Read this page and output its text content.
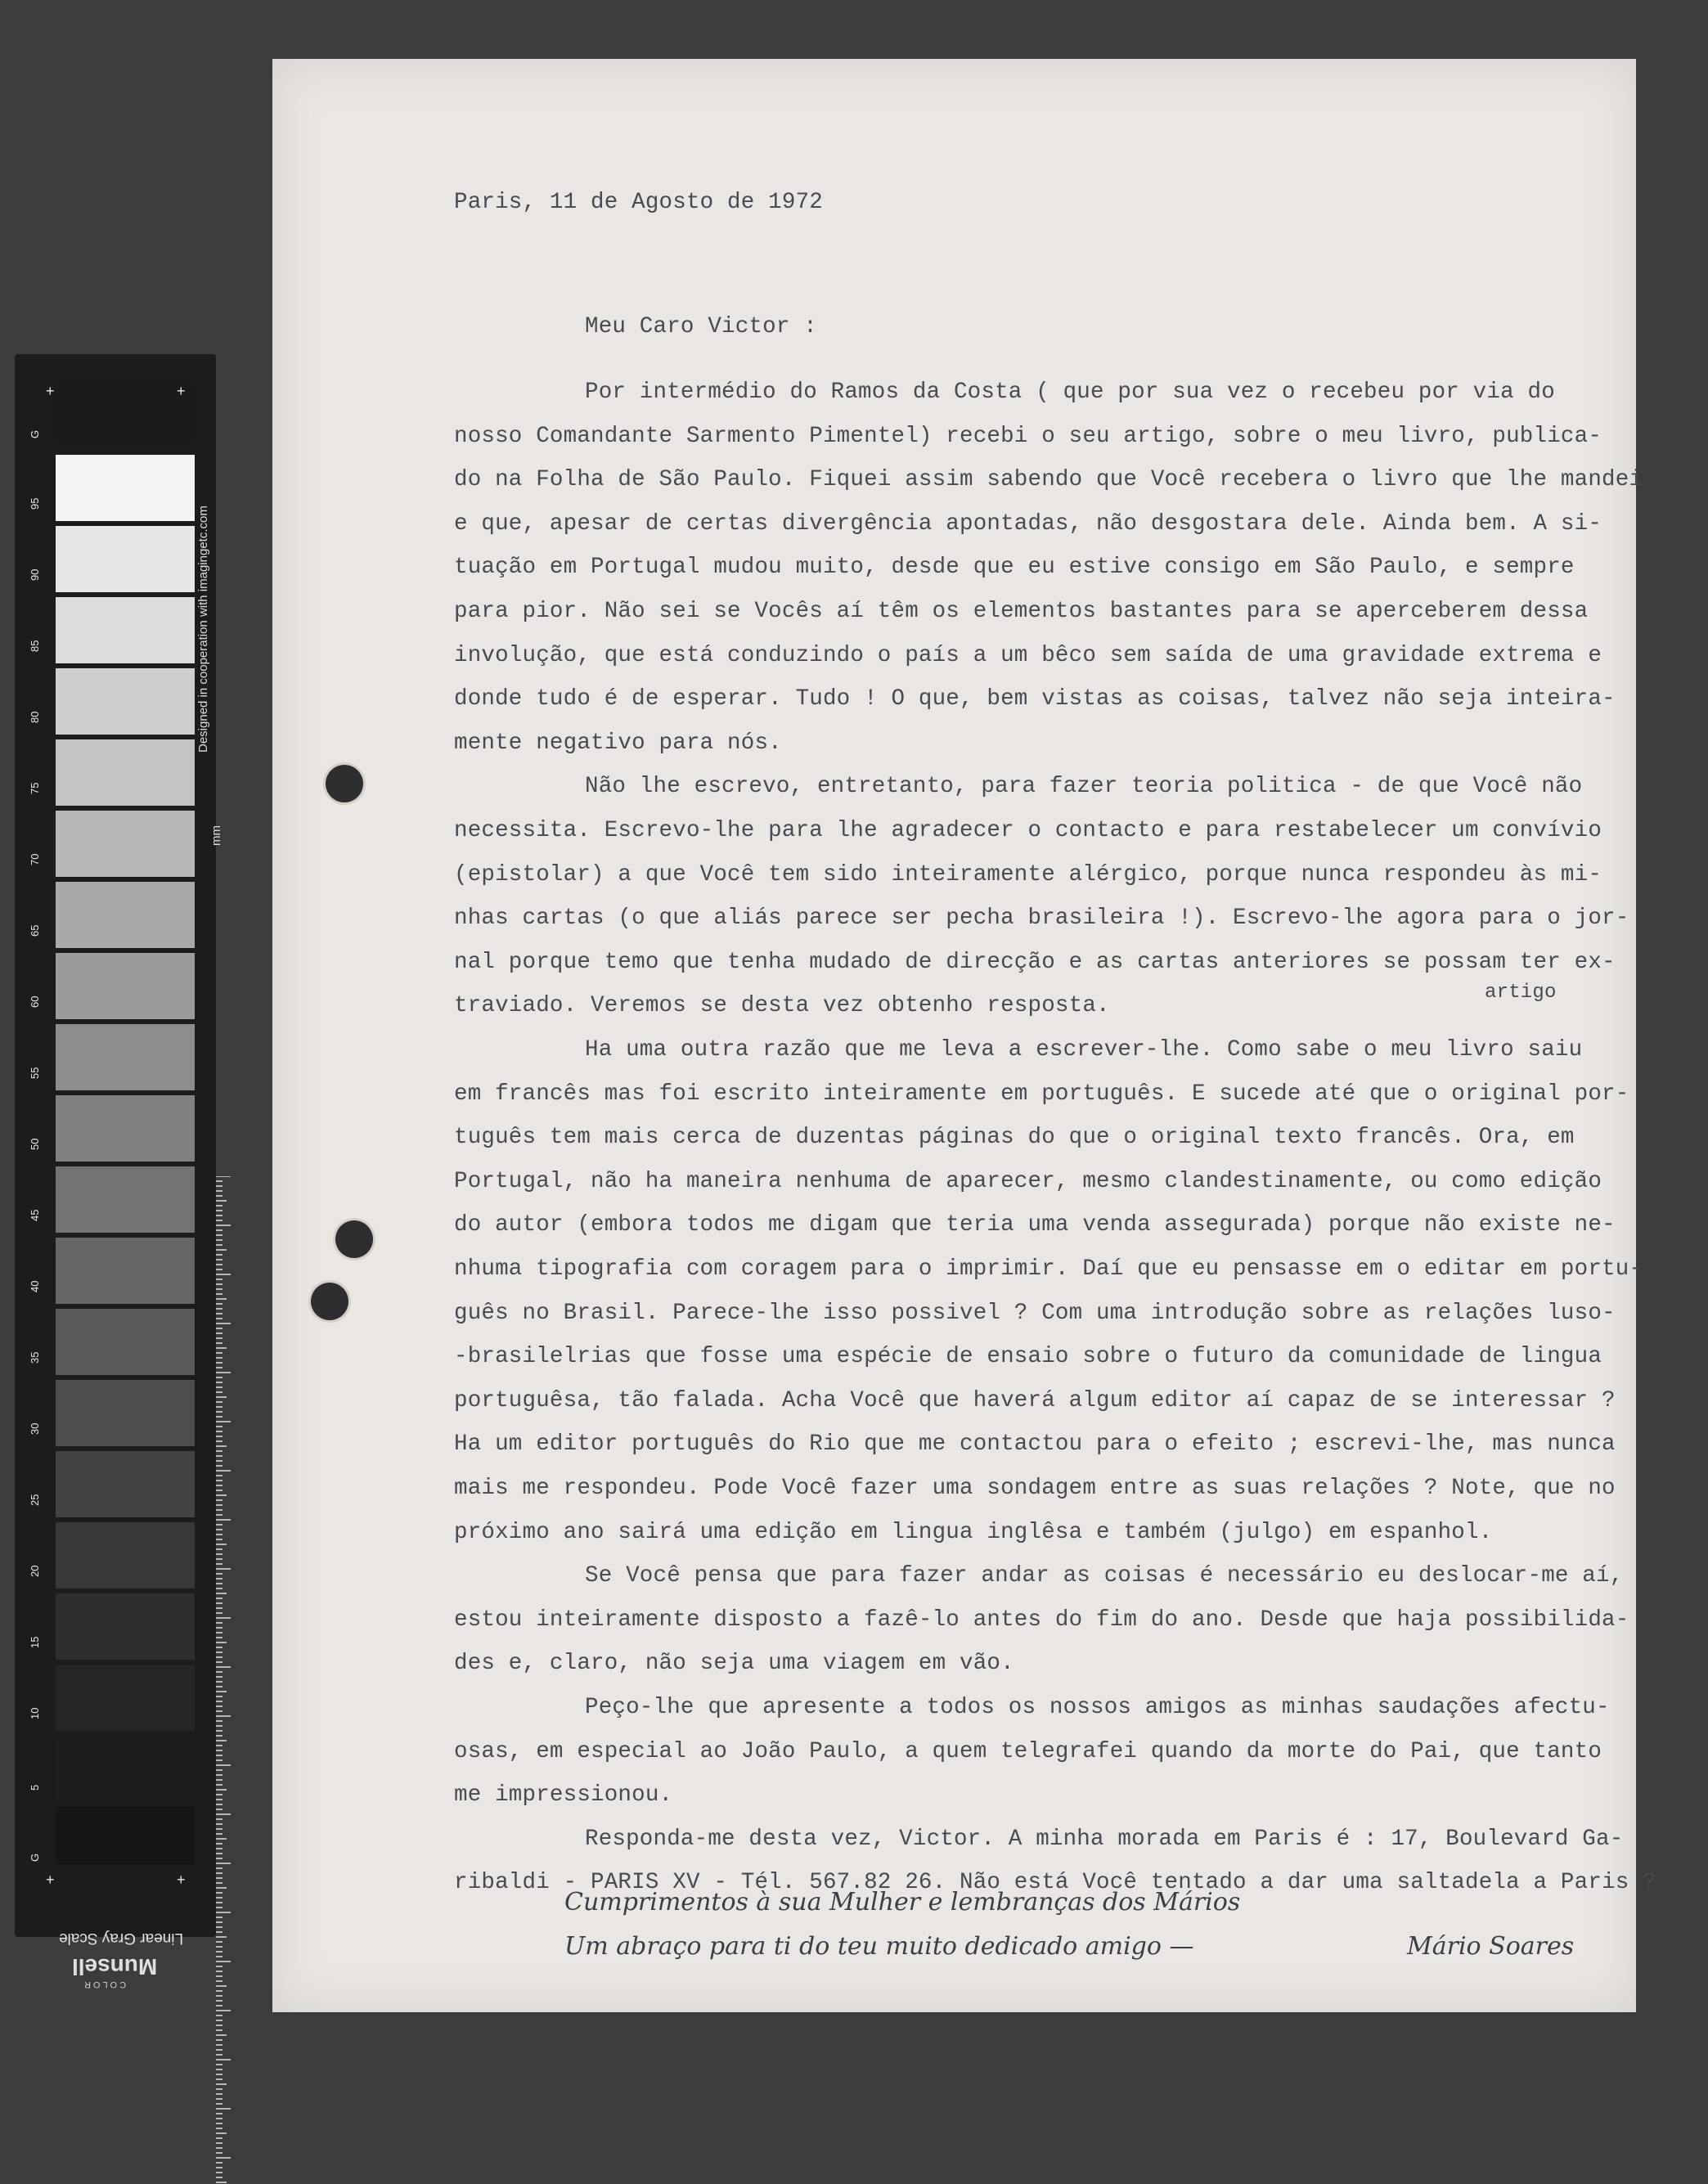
+	+
+	+
G
95
90
85
80
75
70
65
60
55
50
45
40
35
30
25
20
15
10
5
G
Designed in cooperation with imagingetc.com
mm
Linear Gray Scale
Munsell
COLOR
Paris, 11 de Agosto de 1972
Meu Caro Victor :
Por intermédio do Ramos da Costa ( que por sua vez o recebeu por via do
nosso Comandante Sarmento Pimentel) recebi o seu artigo, sobre o meu livro, publica-
do na Folha de São Paulo. Fiquei assim sabendo que Você recebera o livro que lhe mandei
e que, apesar de certas divergência apontadas, não desgostara dele. Ainda bem. A si-
tuação em Portugal mudou muito, desde que eu estive consigo em São Paulo, e sempre
para pior. Não sei se Vocês aí têm os elementos bastantes para se aperceberem dessa
involução, que está conduzindo o país a um bêco sem saída de uma gravidade extrema e
donde tudo é de esperar. Tudo ! O que, bem vistas as coisas, talvez não seja inteira-
mente negativo para nós.
Não lhe escrevo, entretanto, para fazer teoria politica - de que Você não
necessita. Escrevo-lhe para lhe agradecer o contacto e para restabelecer um convívio
(epistolar) a que Você tem sido inteiramente alérgico, porque nunca respondeu às mi-
nhas cartas (o que aliás parece ser pecha brasileira !). Escrevo-lhe agora para o jor-
nal porque temo que tenha mudado de direcção e as cartas anteriores se possam ter ex-
traviado. Veremos se desta vez obtenho resposta.
Ha uma outra razão que me leva a escrever-lhe. Como sabe o meu livro saiu
em francês mas foi escrito inteiramente em português. E sucede até que o original por-
tuguês tem mais cerca de duzentas páginas do que o original texto francês. Ora, em
Portugal, não ha maneira nenhuma de aparecer, mesmo clandestinamente, ou como edição
do autor (embora todos me digam que teria uma venda assegurada) porque não existe ne-
nhuma tipografia com coragem para o imprimir. Daí que eu pensasse em o editar em portu-
guês no Brasil. Parece-lhe isso possivel ? Com uma introdução sobre as relações luso-
-brasilelrias que fosse uma espécie de ensaio sobre o futuro da comunidade de lingua
portuguêsa, tão falada. Acha Você que haverá algum editor aí capaz de se interessar ?
Ha um editor português do Rio que me contactou para o efeito ; escrevi-lhe, mas nunca
mais me respondeu. Pode Você fazer uma sondagem entre as suas relações ? Note, que no
próximo ano sairá uma edição em lingua inglêsa e também (julgo) em espanhol.
Se Você pensa que para fazer andar as coisas é necessário eu deslocar-me aí,
estou inteiramente disposto a fazê-lo antes do fim do ano. Desde que haja possibilida-
des e, claro, não seja uma viagem em vão.
Peço-lhe que apresente a todos os nossos amigos as minhas saudações afectu-
osas, em especial ao João Paulo, a quem telegrafei quando da morte do Pai, que tanto
me impressionou.
Responda-me desta vez, Victor. A minha morada em Paris é : 17, Boulevard Ga-
ribaldi - PARIS XV - Tél. 567.82 26. Não está Você tentado a dar uma saltadela a Paris ?
artigo
Cumprimentos à sua Mulher e lembranças dos Mários
Um abraço para ti do teu muito dedicado amigo —	Mário Soares
